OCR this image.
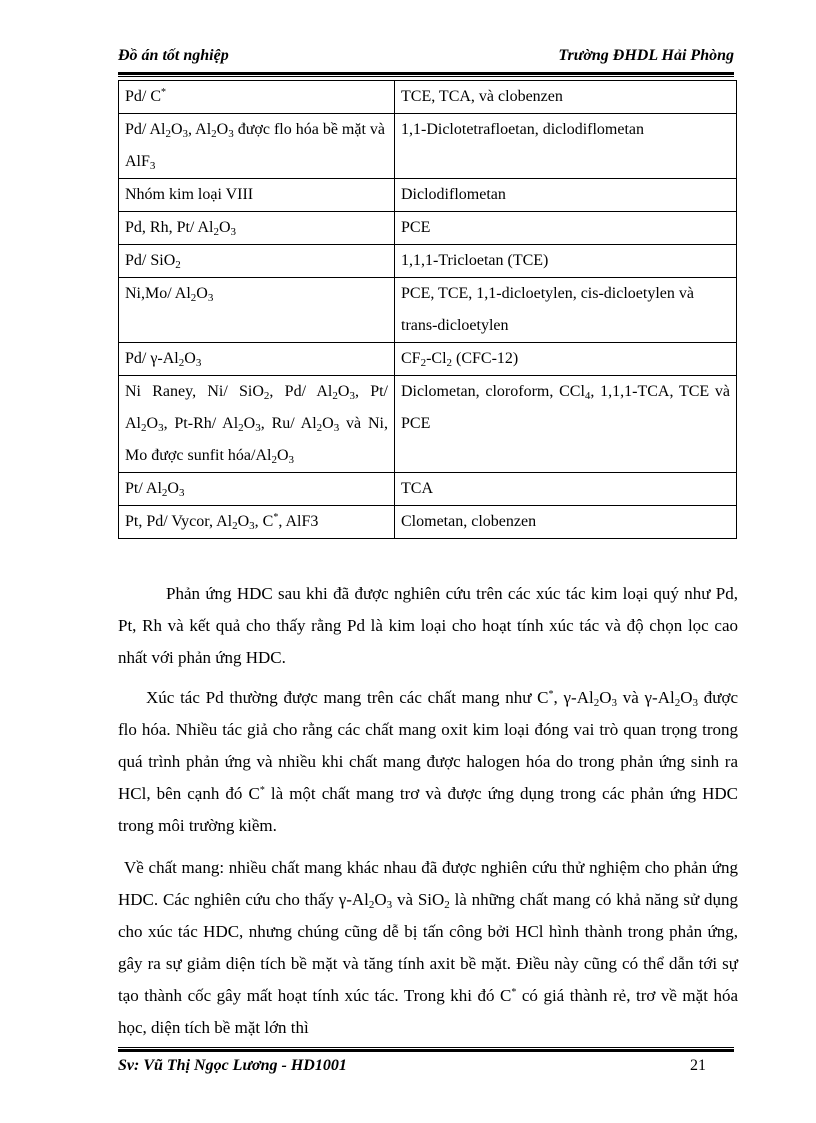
Đồ án tốt nghiệp	Trường ĐHDL Hải Phòng
Pd/ C*	TCE, TCA, và clobenzen
Pd/ $Al_2O_3$, $Al_2O_3$ được flo hóa bề mặt và AlF$_3$	1,1-Diclotetrafloetan, diclodiflometan
Nhóm kim loại VIII	Diclodiflometan
Pd, Rh, Pt/ $Al_2O_3$	PCE
Pd/ SiO$_2$	1,1,1-Tricloetan (TCE)
Ni,Mo/ $Al_2O_3$	PCE, TCE, 1,1-dicloetylen, cis-dicloetylen và trans-dicloetylen
Pd/ $\gamma-Al_2O_3$	$CF_2-Cl_2$ (CFC-12)
Ni Raney, Ni/ SiO$_2$, Pd/ $Al_2O_3$, Pt/ $Al_2O_3$, Pt-Rh/ $Al_2O_3$, Ru/ $Al_2O_3$ và Ni, Mo được sunfit hóa/$Al_2O_3$	Diclometan, cloroform, CCl$_4$, 1,1,1-TCA, TCE và PCE
Pt/ $Al_2O_3$	TCA
Pt, Pd/ Vycor, $Al_2O_3$, C*, AlF3	Clometan, clobenzen

Phản ứng HDC sau khi đã được nghiên cứu trên các xúc tác kim loại quý như Pd, Pt, Rh và kết quả cho thấy rằng Pd là kim loại cho hoạt tính xúc tác và độ chọn lọc cao nhất với phản ứng HDC.

Xúc tác Pd thường được mang trên các chất mang như C*, $\gamma-Al_2O_3$ và $\gamma-Al_2O_3$ được flo hóa. Nhiều tác giả cho rằng các chất mang oxit kim loại đóng vai trò quan trọng trong quá trình phản ứng và nhiều khi chất mang được halogen hóa do trong phản ứng sinh ra HCl, bên cạnh đó C* là một chất mang trơ và được ứng dụng trong các phản ứng HDC trong môi trường kiềm.

Về chất mang: nhiều chất mang khác nhau đã được nghiên cứu thử nghiệm cho phản ứng HDC. Các nghiên cứu cho thấy $\gamma-Al_2O_3$ và SiO$_2$ là những chất mang có khả năng sử dụng cho xúc tác HDC, nhưng chúng cũng dễ bị tấn công bởi HCl hình thành trong phản ứng, gây ra sự giảm diện tích bề mặt và tăng tính axit bề mặt. Điều này cũng có thể dẫn tới sự tạo thành cốc gây mất hoạt tính xúc tác. Trong khi đó C* có giá thành rẻ, trơ về mặt hóa học, diện tích bề mặt lớn thì

Sv: Vũ Thị Ngọc Lương - HD1001	21
